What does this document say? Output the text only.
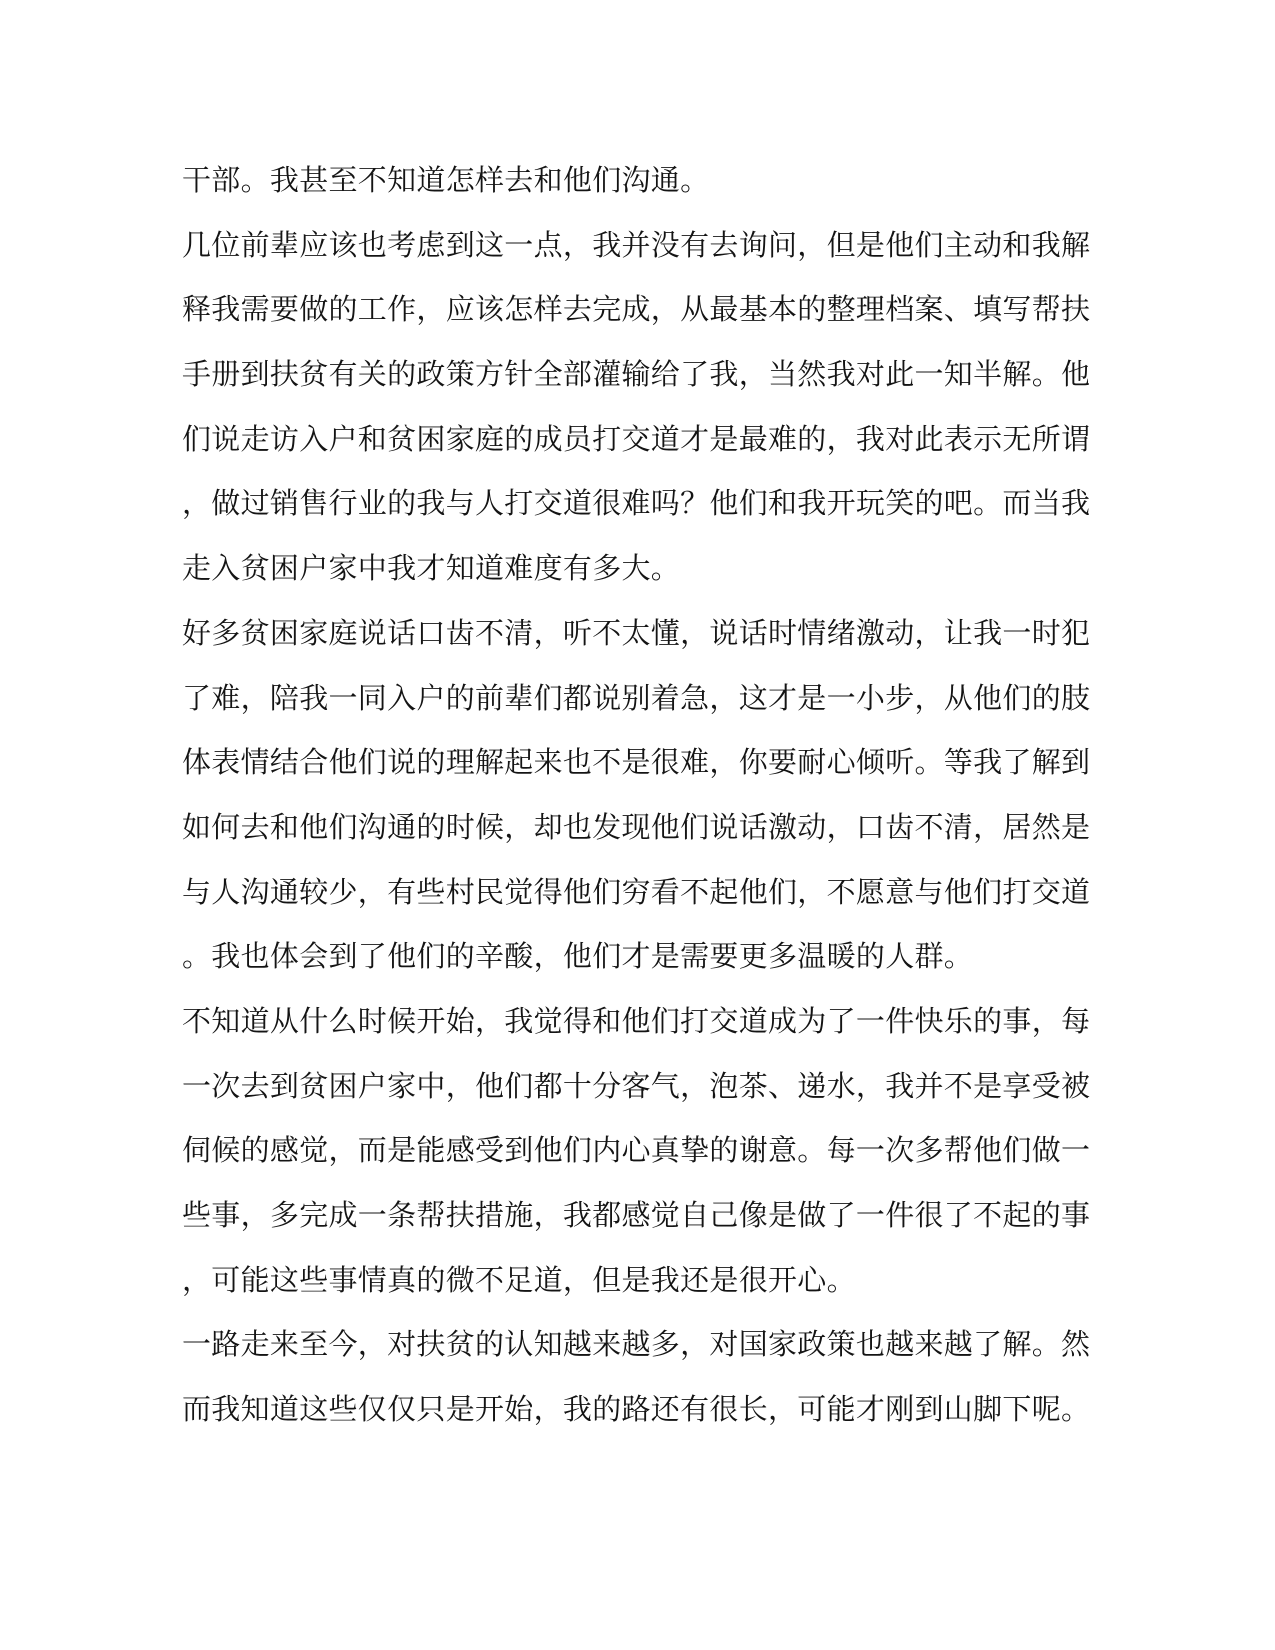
干部。我甚至不知道怎样去和他们沟通。
几位前辈应该也考虑到这一点，我并没有去询问，但是他们主动和我解
释我需要做的工作，应该怎样去完成，从最基本的整理档案、填写帮扶
手册到扶贫有关的政策方针全部灌输给了我，当然我对此一知半解。他
们说走访入户和贫困家庭的成员打交道才是最难的，我对此表示无所谓
，做过销售行业的我与人打交道很难吗？他们和我开玩笑的吧。而当我
走入贫困户家中我才知道难度有多大。
好多贫困家庭说话口齿不清，听不太懂，说话时情绪激动，让我一时犯
了难，陪我一同入户的前辈们都说别着急，这才是一小步，从他们的肢
体表情结合他们说的理解起来也不是很难，你要耐心倾听。等我了解到
如何去和他们沟通的时候，却也发现他们说话激动，口齿不清，居然是
与人沟通较少，有些村民觉得他们穷看不起他们，不愿意与他们打交道
。我也体会到了他们的辛酸，他们才是需要更多温暖的人群。
不知道从什么时候开始，我觉得和他们打交道成为了一件快乐的事，每
一次去到贫困户家中，他们都十分客气，泡茶、递水，我并不是享受被
伺候的感觉，而是能感受到他们内心真挚的谢意。每一次多帮他们做一
些事，多完成一条帮扶措施，我都感觉自己像是做了一件很了不起的事
，可能这些事情真的微不足道，但是我还是很开心。
一路走来至今，对扶贫的认知越来越多，对国家政策也越来越了解。然
而我知道这些仅仅只是开始，我的路还有很长，可能才刚到山脚下呢。
